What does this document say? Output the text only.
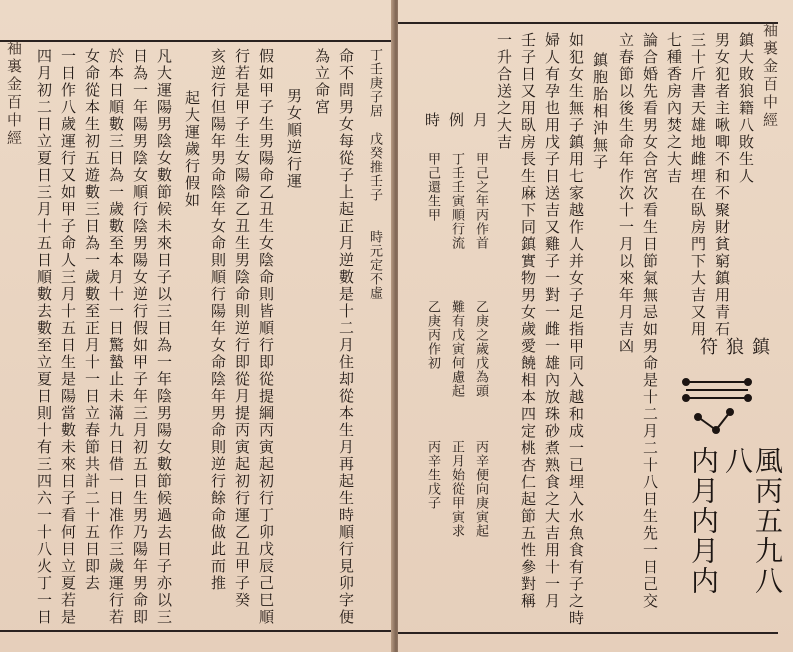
袖裏金百中經 四月初二日立夏日三月十五日順數去數至立夏日則十有三四六一十八火丁一日 一日作八歲運行又如甲子命人三月十五日生是陽當數未來日子看何日立夏若是 女命從本生初五遊數三日為一歲數至正月十一日立春節共計二十五日即去 於本日順數三日為一歲數至本月十一日驚蟄止未滿九日借一日准作三歲運行若 日為一年陽男陰女順行陰男陽女逆行假如甲子年三月初五日生男乃陽年男命即 凡大運陽男陰女數節候未來日子以三日為一年陰男陽女數節候過去日子亦以三 起大運歲行假如 亥逆行但陽年男命陰年女命則順行陽年女命陰年男命則逆行餘命做此而推 行若是甲子生女陽命乙丑生男陰命則逆行即從月提丙寅起初行運乙丑甲子癸 假如甲子生男陽命乙丑生女陰命則皆順行即從提綱丙寅起初行丁卯戊辰己巳順 男女順逆行運
為立命宮 命不問男女每從子上起正月逆數是十二月住却從本生月再起生時順行見卯字便 丁壬庚子居　戊癸推壬子　　時元定不虛	袖裏金百中經
鎮大敗狼籍八敗生人
男女犯者主啾唧不和不聚財貧窮鎮用青石
三十斤書天雄地雌埋在臥房門下大吉又用
七種香房內焚之大吉
論合婚先看男女合宮次看生日節氣無忌如男命是十二月二十八日生先一日己交
立春節以後生命年作次十一月以來年月吉凶
鎮胞胎相沖無子
如犯女生無子鎮用七家越作人并女子足指甲同入越和成一已埋入水魚食有子之時
婦人有孕也用戊子日送吉又雞子一對一雌一雄內放珠砂煮熟食之大吉用十一月
壬子日又用臥房長生麻下同鎮實物男女歲愛饒相本四定桃杏仁起節五性參對稱
一升合送之大吉
月
例
時
甲己之年丙作首
丁壬壬寅順行流
甲己還生甲
乙庚之歲戊為頭
難有戊寅何慮起
乙庚丙作初
丙辛便向庚寅起
正月始從甲寅求
丙辛生戊子
符狼鎮
風丙五九八八
内月内月内
